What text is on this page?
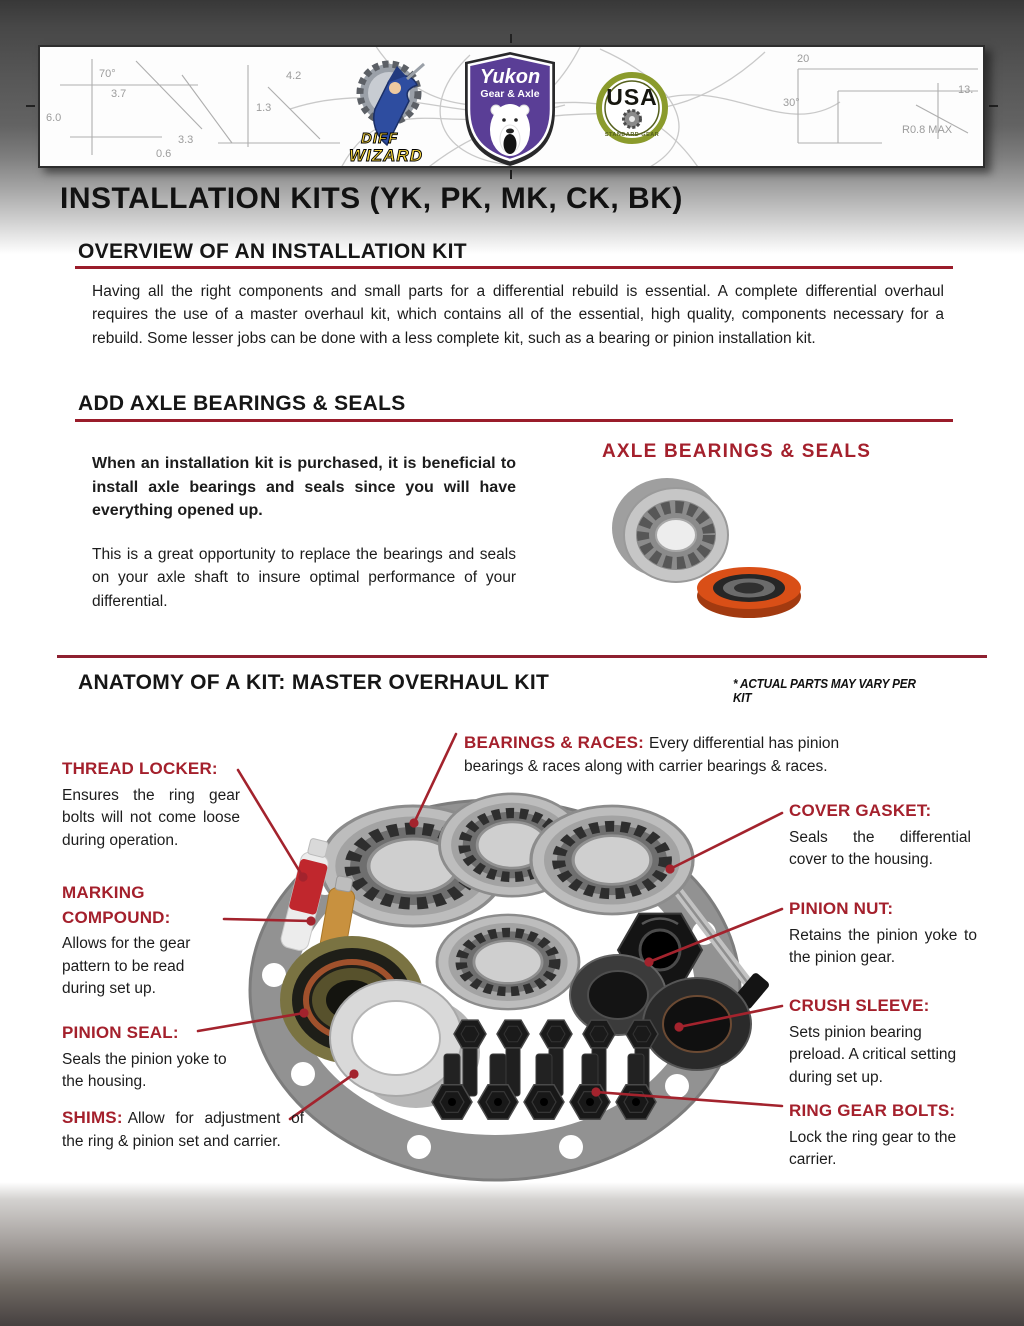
6.0
70°
3.7
4.2
1.3
3.3
0.6
20
30°
13.
R0.8 MAX
DIFF
WIZARD
Yukon
Gear & Axle	USA
STANDARD GEAR
INSTALLATION KITS (YK, PK, MK, CK, BK)
OVERVIEW OF AN INSTALLATION KIT

Having all the right components and small parts for a differential rebuild is essential. A complete differential overhaul requires the use of a master overhaul kit, which contains all of the essential, high quality, components necessary for a rebuild. Some lesser jobs can be done with a less complete kit, such as a bearing or pinion installation kit.

ADD AXLE BEARINGS & SEALS

When an installation kit is purchased, it is beneficial to install axle bearings and seals since you will have everything opened up.

This is a great opportunity to replace the bearings and seals on your axle shaft to insure optimal performance of your differential.

AXLE BEARINGS & SEALS
ANATOMY OF A KIT: MASTER OVERHAUL KIT	* ACTUAL PARTS MAY VARY PER KIT
THREAD LOCKER:
Ensures the ring gear bolts will not come loose during operation.
MARKING COMPOUND:
Allows for the gear pattern to be read during set up.
PINION SEAL:
Seals the pinion yoke to the housing.
SHIMS: Allow for adjustment of the ring & pinion set and carrier.
BEARINGS & RACES: Every differential has pinion bearings & races along with carrier bearings & races.
COVER GASKET:
Seals the differential cover to the housing.
PINION NUT:
Retains the pinion yoke to the pinion gear.
CRUSH SLEEVE:
Sets pinion bearing preload. A critical setting during set up.
RING GEAR BOLTS:
Lock the ring gear to the carrier.
